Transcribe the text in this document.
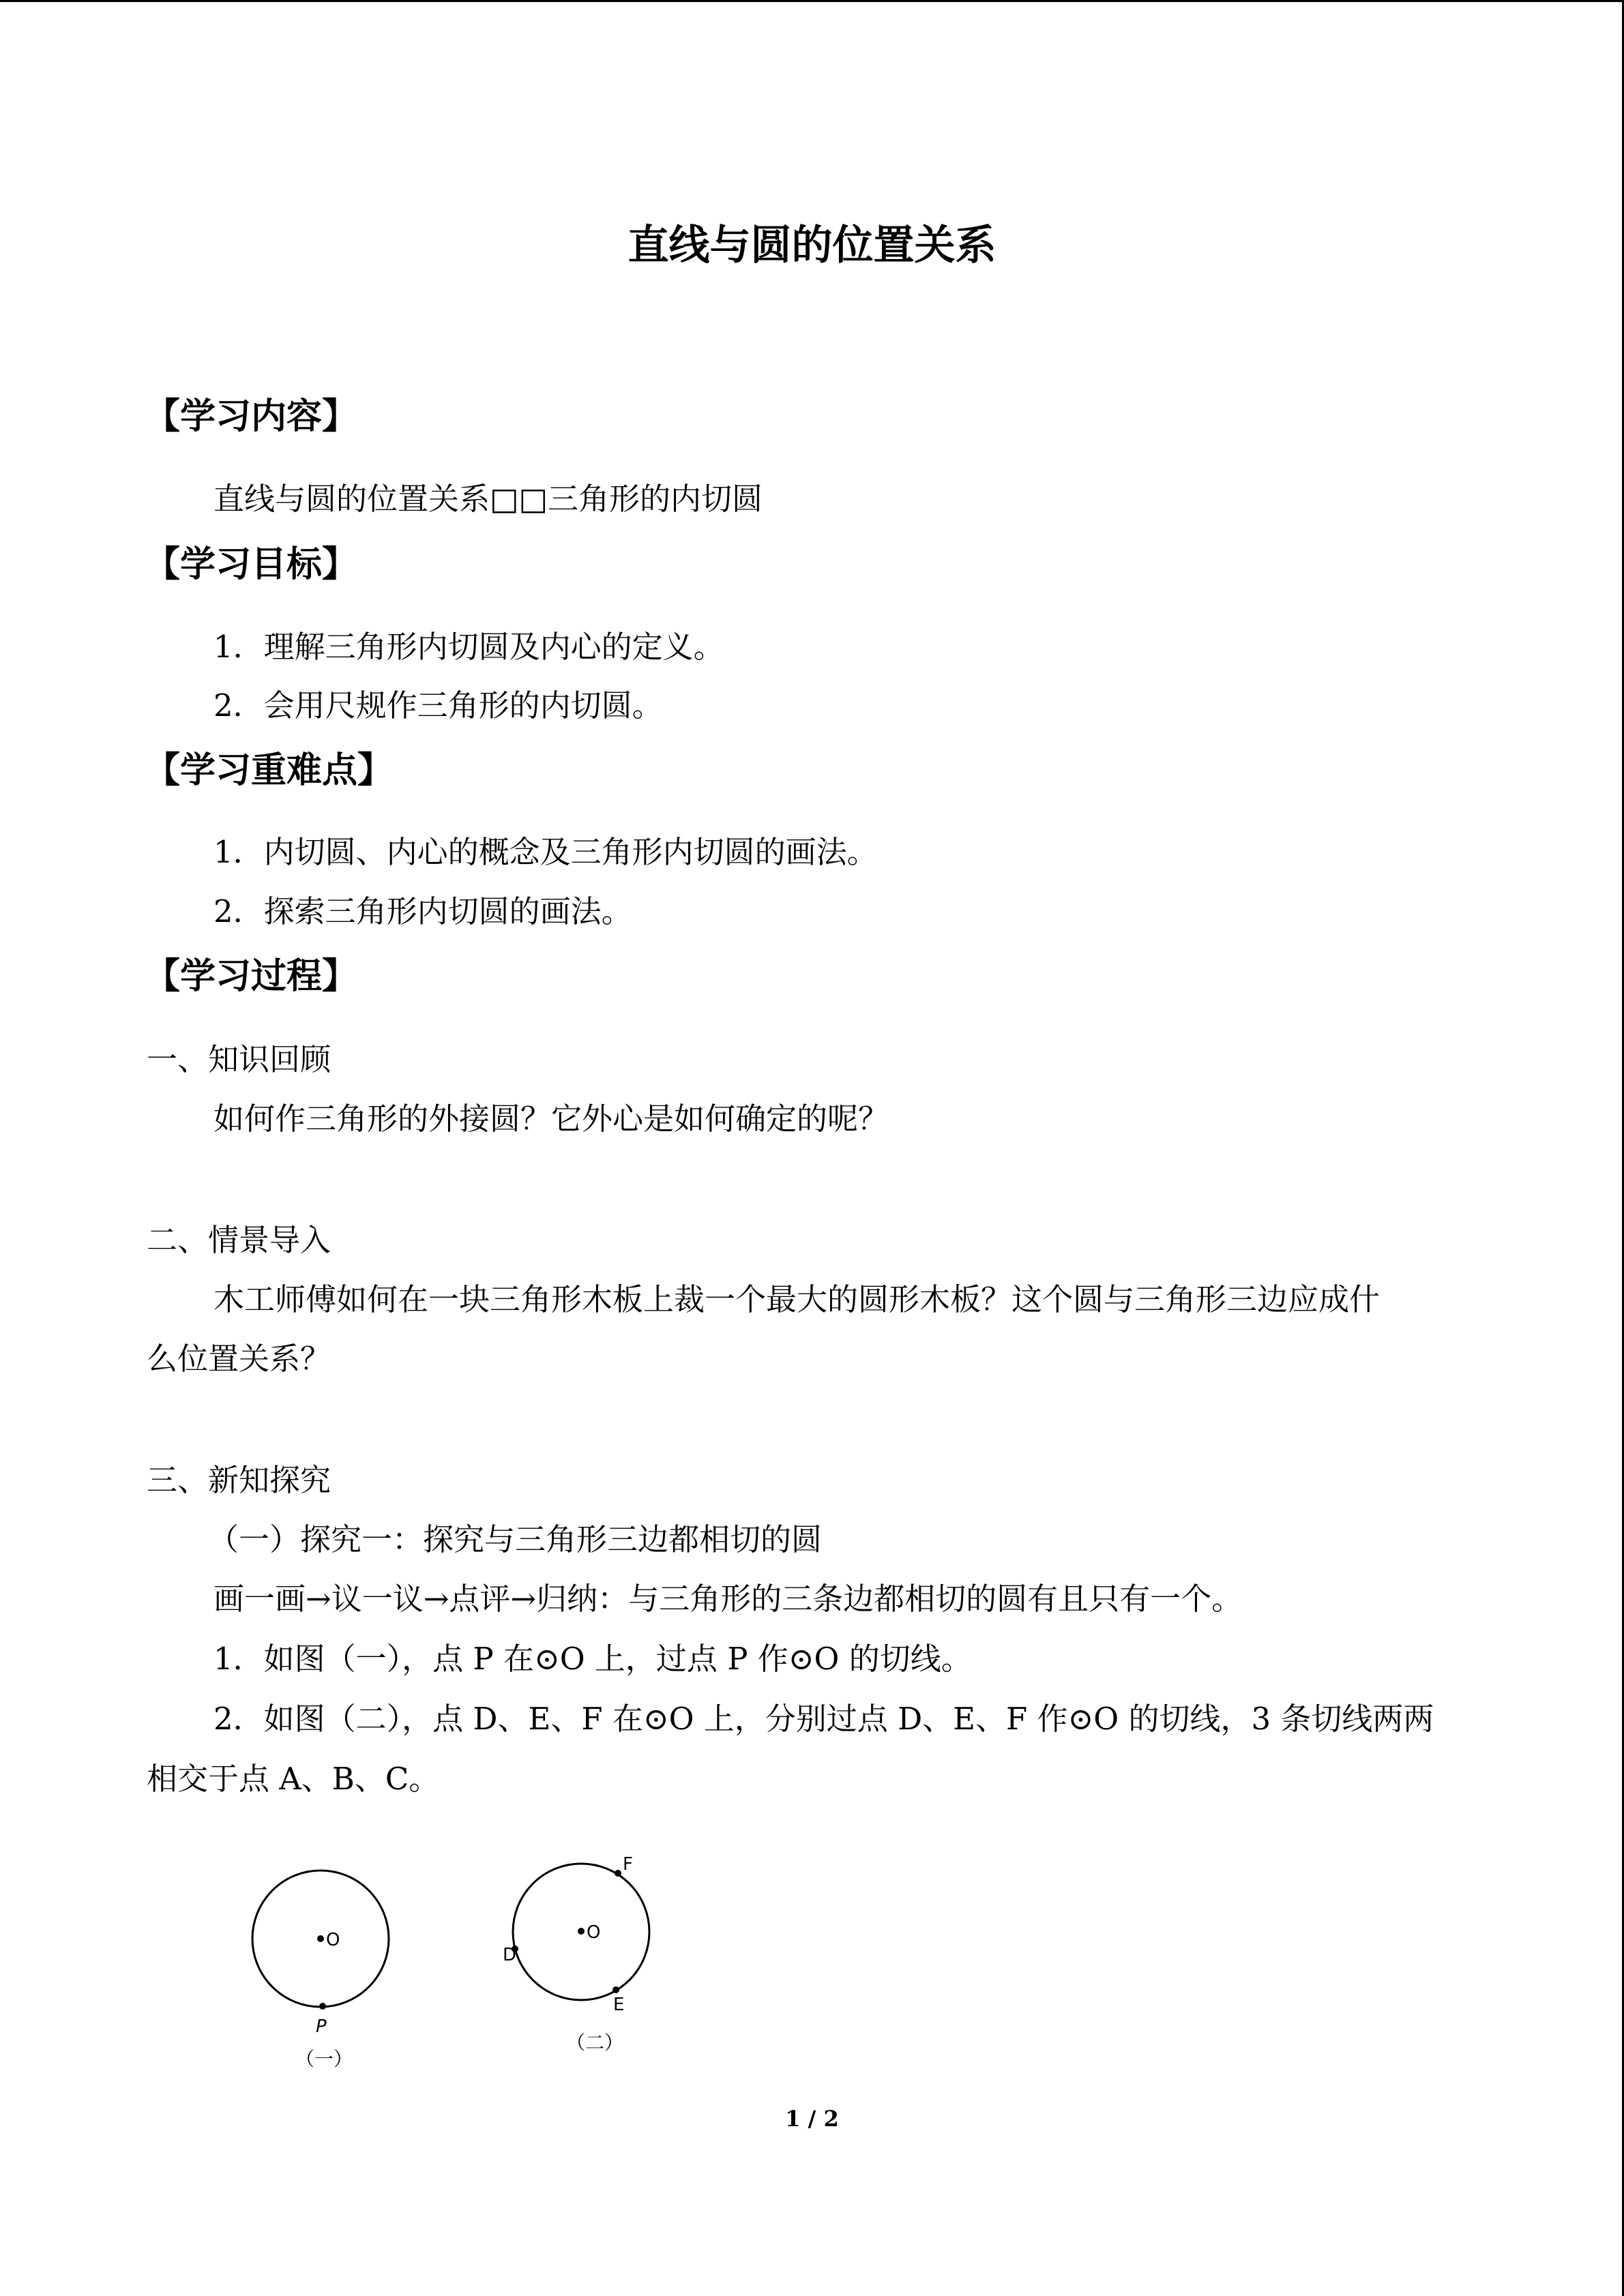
直线与圆的位置关系
【学习内容】
直线与圆的位置关系□□三角形的内切圆
【学习目标】
1．理解三角形内切圆及内心的定义。
2．会用尺规作三角形的内切圆。
【学习重难点】
1．内切圆、内心的概念及三角形内切圆的画法。
2．探索三角形内切圆的画法。
【学习过程】
一、知识回顾
如何作三角形的外接圆？它外心是如何确定的呢？
二、情景导入
木工师傅如何在一块三角形木板上裁一个最大的圆形木板？这个圆与三角形三边应成什
么位置关系？
三、新知探究
（一）探究一：探究与三角形三边都相切的圆
画一画→议一议→点评→归纳：与三角形的三条边都相切的圆有且只有一个。
1．如图（一），点 P 在⊙O 上，过点 P 作⊙O 的切线。
2．如图（二），点 D、E、F 在⊙O 上，分别过点 D、E、F 作⊙O 的切线，3 条切线两两
相交于点 A、B、C。
O
P
（一）
O
D
E
F
（二）
1 / 2
